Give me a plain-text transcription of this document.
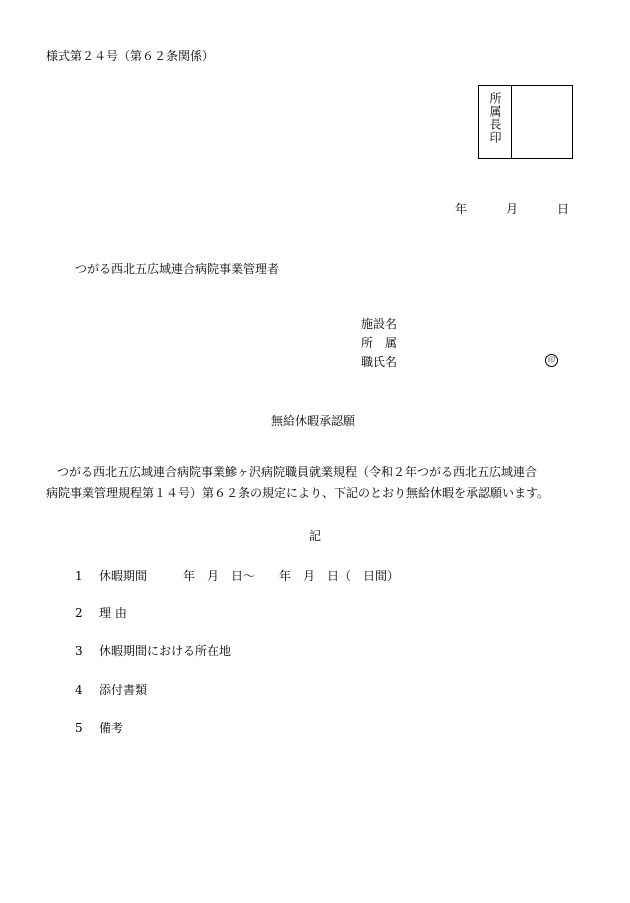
様式第２４号（第６２条関係）
所属長印
年	月	日
つがる西北五広域連合病院事業管理者
施設名
所　属
職氏名	印
無給休暇承認願

つがる西北五広域連合病院事業鰺ヶ沢病院職員就業規程（令和２年つがる西北五広域連合

病院事業管理規程第１４号）第６２条の規定により、下記のとおり無給休暇を承認願います。

記
1 休暇期間　　　年　月　日〜　　年　月　日（　日間）
2 理 由
3 休暇期間における所在地
4 添付書類
5 備考
